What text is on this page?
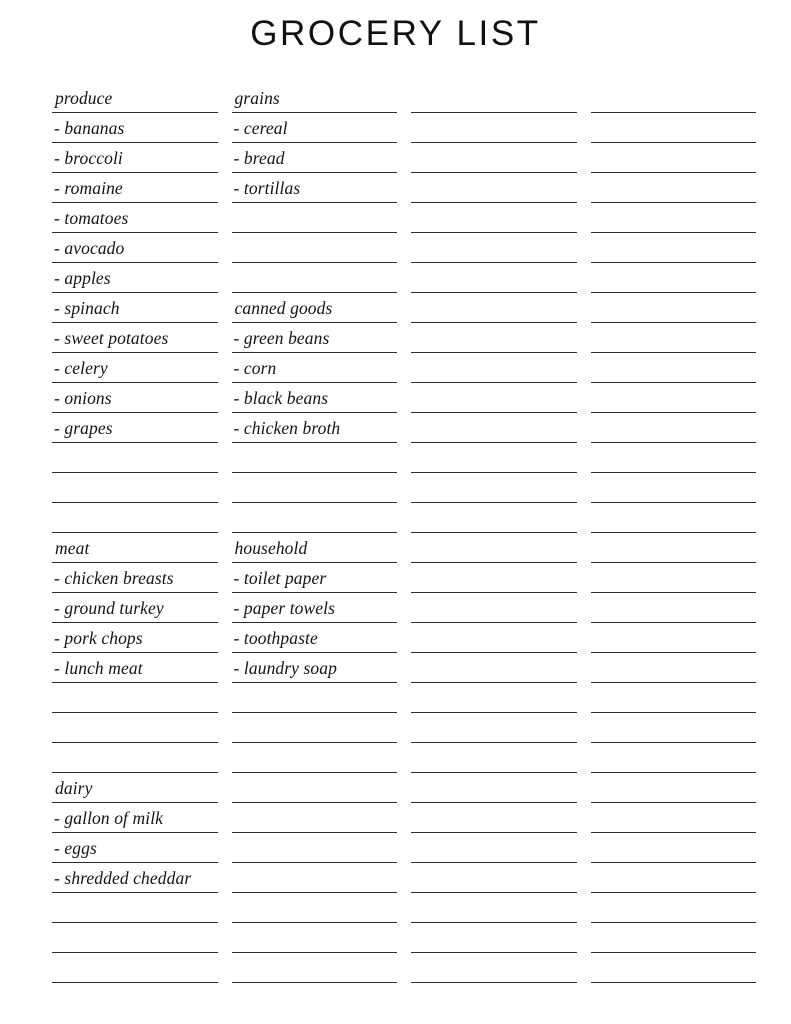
GROCERY LIST
produce
- bananas
- broccoli
- romaine
- tomatoes
- avocado
- apples
- spinach
- sweet potatoes
- celery
- onions
- grapes
meat
- chicken breasts
- ground turkey
- pork chops
- lunch meat
dairy
- gallon of milk
- eggs
- shredded cheddar
grains
- cereal
- bread
- tortillas
canned goods
- green beans
- corn
- black beans
- chicken broth
household
- toilet paper
- paper towels
- toothpaste
- laundry soap
